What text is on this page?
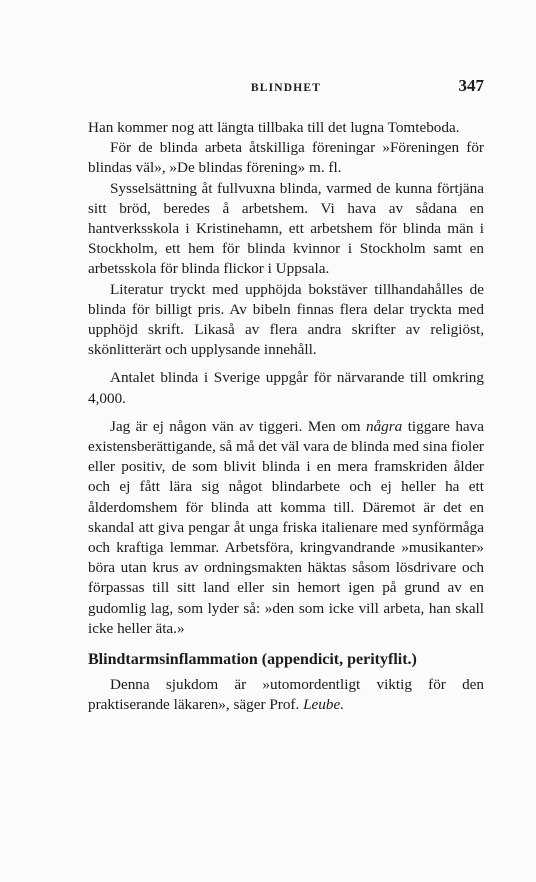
BLINDHET	347

Han kommer nog att längta tillbaka till det lugna Tomteboda.

För de blinda arbeta åtskilliga föreningar »Föreningen för blindas väl», »De blindas förening» m. fl.

Sysselsättning åt fullvuxna blinda, varmed de kunna förtjäna sitt bröd, beredes å arbetshem. Vi hava av sådana en hantverksskola i Kristinehamn, ett arbetshem för blinda män i Stockholm, ett hem för blinda kvinnor i Stockholm samt en arbetsskola för blinda flickor i Uppsala.

Literatur tryckt med upphöjda bokstäver tillhandahålles de blinda för billigt pris. Av bibeln finnas flera delar tryckta med upphöjd skrift. Likaså av flera andra skrifter av religiöst, skönlitterärt och upplysande innehåll.

Antalet blinda i Sverige uppgår för närvarande till omkring 4,000.

Jag är ej någon vän av tiggeri. Men om några tiggare hava existensberättigande, så må det väl vara de blinda med sina fioler eller positiv, de som blivit blinda i en mera framskriden ålder och ej fått lära sig något blindarbete och ej heller ha ett ålderdomshem för blinda att komma till. Däremot är det en skandal att giva pengar åt unga friska italienare med synförmåga och kraftiga lemmar. Arbetsföra, kringvandrande »musikanter» böra utan krus av ordningsmakten häktas såsom lösdrivare och förpassas till sitt land eller sin hemort igen på grund av en gudomlig lag, som lyder så: »den som icke vill arbeta, han skall icke heller äta.»

Blindtarmsinflammation (appendicit, perityflit.)

Denna sjukdom är »utomordentligt viktig för den praktiserande läkaren», säger Prof. Leube.
